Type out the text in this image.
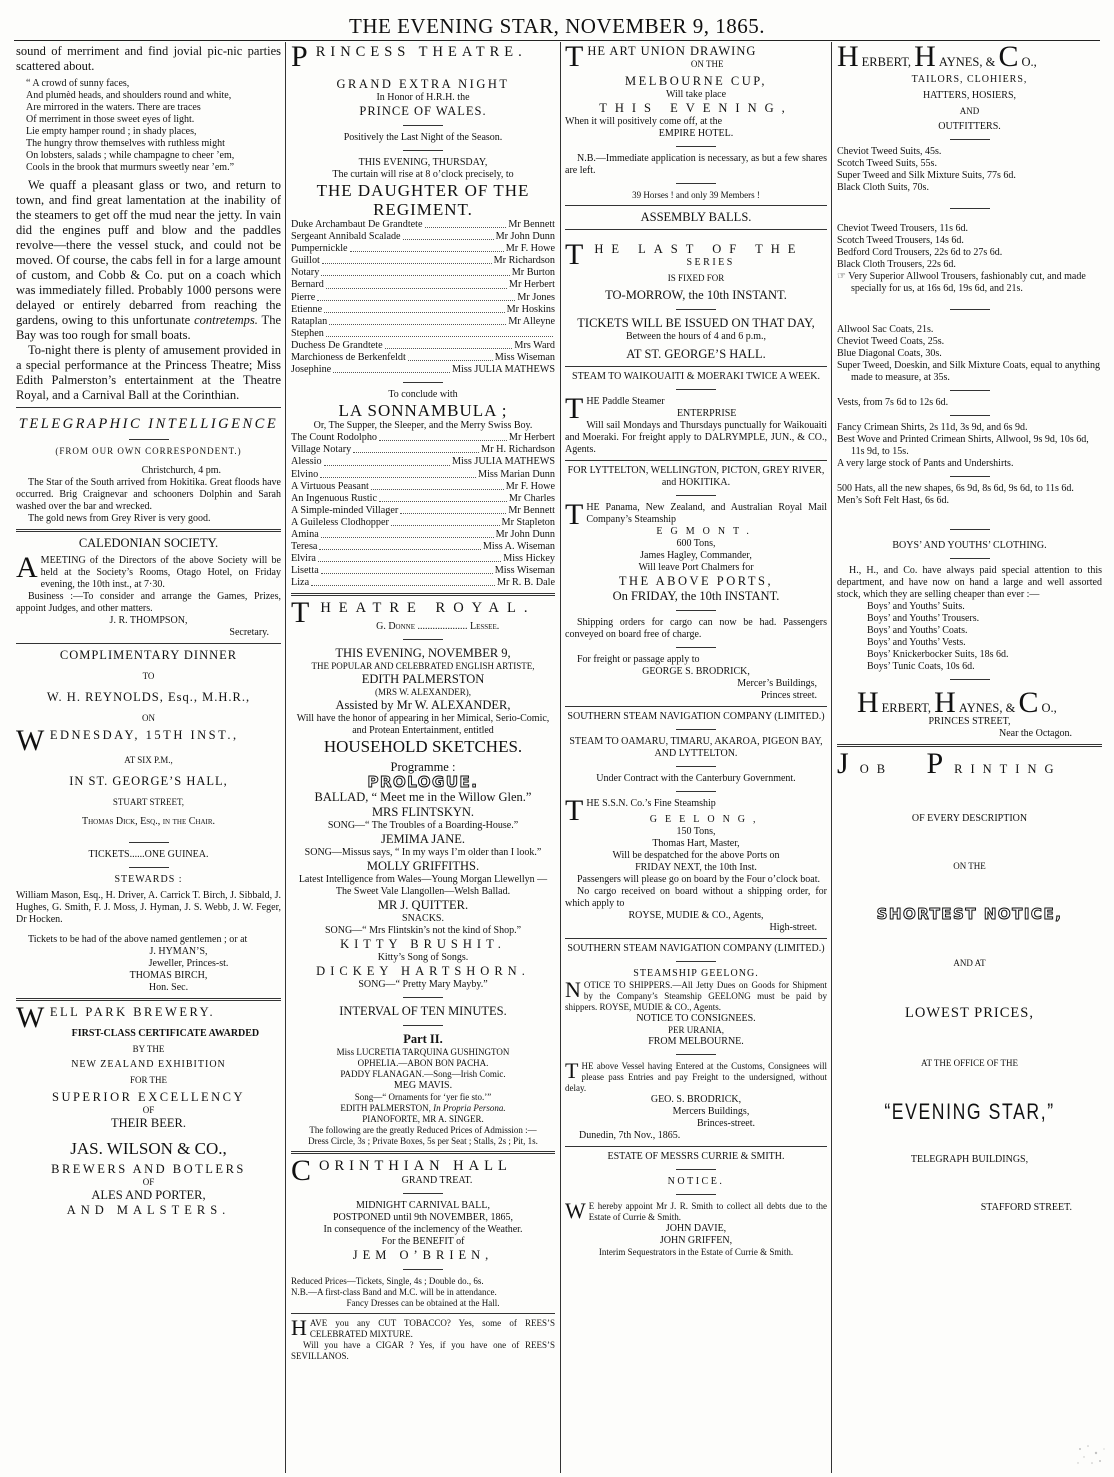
THE EVENING STAR, NOVEMBER 9, 1865.

sound of merriment and find jovial pic-nic parties scattered about.

“ A crowd of sunny faces,

And plumèd heads, and shoulders round and white,

Are mirrored in the waters. There are traces

Of merriment in those sweet eyes of light.

Lie empty hamper round ; in shady places,

The hungry throw themselves with ruthless might

On lobsters, salads ; while champagne to cheer ’em,

Cools in the brook that murmurs sweetly near ’em.”

We quaff a pleasant glass or two, and return to town, and find great lamentation at the inability of the steamers to get off the mud near the jetty. In vain did the engines puff and blow and the paddles revolve—there the vessel stuck, and could not be moved. Of course, the cabs fell in for a large amount of custom, and Cobb & Co. put on a coach which was immediately filled. Probably 1000 persons were delayed or entirely debarred from reaching the gardens, owing to this unfortunate contretemps. The Bay was too rough for small boats.

To-night there is plenty of amusement provided in a special performance at the Princess Theatre; Miss Edith Palmerston’s entertainment at the Theatre Royal, and a Carnival Ball at the Corinthian.

TELEGRAPHIC INTELLIGENCE

(FROM OUR OWN CORRESPONDENT.)

Christchurch, 4 pm.

The Star of the South arrived from Hokitika. Great floods have occurred. Brig Craignevar and schooners Dolphin and Sarah washed over the bar and wrecked.

The gold news from Grey River is very good.

CALEDONIAN SOCIETY.

AMEETING of the Directors of the above Society will be held at the Society’s Rooms, Otago Hotel, on Friday evening, the 10th inst., at 7·30.

Business :—To consider and arrange the Games, Prizes, appoint Judges, and other matters.

J. R. THOMPSON,

Secretary.

COMPLIMENTARY DINNER

TO

W. H. REYNOLDS, Esq., M.H.R.,

ON

WEDNESDAY, 15TH INST.,

AT SIX P.M.,

IN ST. GEORGE’S HALL,

STUART STREET,

Thomas Dick, Esq., in the Chair.

TICKETS......ONE GUINEA.

STEWARDS :

William Mason, Esq., H. Driver, A. Carrick T. Birch, J. Sibbald, J. Hughes, G. Smith, F. J. Moss, J. Hyman, J. S. Webb, J. W. Feger, Dr Hocken.

Tickets to be had of the above named gentlemen ; or at

J. HYMAN’S,

Jeweller, Princes-st.

THOMAS BIRCH,

Hon. Sec.

WELL PARK BREWERY.

FIRST-CLASS CERTIFICATE AWARDED

BY THE

NEW ZEALAND EXHIBITION

FOR THE

SUPERIOR EXCELLENCY

OF

THEIR BEER.

JAS. WILSON & CO.,

BREWERS AND BOTLERS

OF

ALES AND PORTER,

AND MALSTERS.

PRINCESS THEATRE.

GRAND EXTRA NIGHT

In Honor of H.R.H. the

PRINCE OF WALES.

Positively the Last Night of the Season.

THIS EVENING, THURSDAY,

The curtain will rise at 8 o’clock precisely, to

THE DAUGHTER OF THE REGIMENT.

Duke Archambaut De Grandtete	Mr Bennett
Sergeant Annibald Scalade	Mr John Dunn
Pumpernickle	Mr F. Howe
Guillot	Mr Richardson
Notary	Mr Burton
Bernard	Mr Herbert
Pierre	Mr Jones
Etienne	Mr Hoskins
Rataplan	Mr Alleyne
Stephen
Duchess De Grandtete	Mrs Ward
Marchioness de Berkenfeldt	Miss Wiseman
Josephine	Miss JULIA MATHEWS

To conclude with

LA SONNAMBULA ;

Or, The Supper, the Sleeper, and the Merry Swiss Boy.

The Count Rodolpho	Mr Herbert
Village Notary	Mr H. Richardson
Alessio	Miss JULIA MATHEWS
Elvino	Miss Marian Dunn
A Virtuous Peasant	Mr F. Howe
An Ingenuous Rustic	Mr Charles
A Simple-minded Villager	Mr Bennett
A Guileless Clodhopper	Mr Stapleton
Amina	Mr John Dunn
Teresa	Miss A. Wiseman
Elvira	Miss Hickey
Lisetta	Miss Wiseman
Liza	Mr R. B. Dale

THEATRE ROYAL.

G. Donne .................... Lessee.

THIS EVENING, NOVEMBER 9,

THE POPULAR AND CELEBRATED ENGLISH ARTISTE,

EDITH PALMERSTON

(MRS W. ALEXANDER),

Assisted by Mr W. ALEXANDER,

Will have the honor of appearing in her Mimical, Serio-Comic, and Protean Entertainment, entitled

HOUSEHOLD SKETCHES.

Programme :

PROLOGUE.

BALLAD, “ Meet me in the Willow Glen.”

MRS FLINTSKYN.

SONG—“ The Troubles of a Boarding-House.”

JEMIMA JANE.

SONG—Missus says, “ In my ways I’m older than I look.”

MOLLY GRIFFITHS.

Latest Intelligence from Wales—Young Morgan Llewellyn — The Sweet Vale Llangollen—Welsh Ballad.

MR J. QUITTER.

SNACKS.

SONG—“ Mrs Flintskin’s not the kind of Shop.”

KITTY BRUSHIT.

Kitty’s Song of Songs.

DICKEY HARTSHORN.

SONG—“ Pretty Mary Mayby.”

INTERVAL OF TEN MINUTES.

Part II.

Miss LUCRETIA TARQUINA GUSHINGTON

OPHELIA.—ABON BON PACHA.

PADDY FLANAGAN.—Song—Irish Comic.

MEG MAVIS.

Song—“ Ornaments for ‘yer fie sto.’”

EDITH PALMERSTON, In Propria Persona.

PIANOFORTE, MR A. SINGER.

The following are the greatly Reduced Prices of Admission :—

Dress Circle, 3s ; Private Boxes, 5s per Seat ; Stalls, 2s ; Pit, 1s.

CORINTHIAN HALL

GRAND TREAT.

MIDNIGHT CARNIVAL BALL,

POSTPONED until 9th NOVEMBER, 1865,

In consequence of the inclemency of the Weather.

For the BENEFIT of

JEM O’BRIEN,

Reduced Prices—Tickets, Single, 4s ; Double do., 6s.

N.B.—A first-class Band and M.C. will be in attendance.

Fancy Dresses can be obtained at the Hall.

HAVE you any CUT TOBACCO? Yes, some of REES’S CELEBRATED MIXTURE.

Will you have a CIGAR ? Yes, if you have one of REES’S SEVILLANOS.

THE ART UNION DRAWING

ON THE

MELBOURNE CUP,

Will take place

THIS EVENING,

When it will positively come off, at the

EMPIRE HOTEL.

N.B.—Immediate application is necessary, as but a few shares are left.

39 Horses ! and only 39 Members !

ASSEMBLY BALLS.

THE LAST OF THE

SERIES

IS FIXED FOR

TO-MORROW, the 10th INSTANT.

TICKETS WILL BE ISSUED ON THAT DAY,

Between the hours of 4 and 6 p.m.,

AT ST. GEORGE’S HALL.

STEAM TO WAIKOUAITI & MOERAKI TWICE A WEEK.

THE Paddle Steamer

ENTERPRISE

Will sail Mondays and Thursdays punctually for Waikouaiti and Moeraki. For freight apply to DALRYMPLE, JUN., & CO., Agents.

FOR LYTTELTON, WELLINGTON, PICTON, GREY RIVER, and HOKITIKA.

THE Panama, New Zealand, and Australian Royal Mail Company’s Steamship

EGMONT.

600 Tons,

James Hagley, Commander,

Will leave Port Chalmers for

THE ABOVE PORTS,

On FRIDAY, the 10th INSTANT.

Shipping orders for cargo can now be had. Passengers conveyed on board free of charge.

For freight or passage apply to

GEORGE S. BRODRICK,

Mercer’s Buildings,

Princes street.

SOUTHERN STEAM NAVIGATION COMPANY (LIMITED.)

STEAM TO OAMARU, TIMARU, AKAROA, PIGEON BAY, AND LYTTELTON.

Under Contract with the Canterbury Government.

THE S.S.N. Co.’s Fine Steamship

GEELONG,

150 Tons,

Thomas Hart, Master,

Will be despatched for the above Ports on

FRIDAY NEXT, the 10th Inst.

Passengers will please go on board by the Four o’clock boat.

No cargo received on board without a shipping order, for which apply to

ROYSE, MUDIE & CO., Agents,

High-street.

SOUTHERN STEAM NAVIGATION COMPANY (LIMITED.)

STEAMSHIP GEELONG.

NOTICE TO SHIPPERS.—All Jetty Dues on Goods for Shipment by the Company’s Steamship GEELONG must be paid by shippers. ROYSE, MUDIE & CO., Agents.

NOTICE TO CONSIGNEES.

PER URANIA,

FROM MELBOURNE.

THE above Vessel having Entered at the Customs, Consignees will please pass Entries and pay Freight to the undersigned, without delay.

GEO. S. BRODRICK,

Mercers Buildings,

Brinces-street.

Dunedin, 7th Nov., 1865.

ESTATE OF MESSRS CURRIE & SMITH.

NOTICE.

W E hereby appoint Mr J. R. Smith to collect all debts due to the Estate of Currie & Smith.

JOHN DAVIE,

JOHN GRIFFEN,

Interim Sequestrators in the Estate of Currie & Smith.

HERBERT, H AYNES, & C O.,

TAILORS, CLOHIERS,

HATTERS, HOSIERS,

AND

OUTFITTERS.

Cheviot Tweed Suits, 45s.

Scotch Tweed Suits, 55s.

Super Tweed and Silk Mixture Suits, 77s 6d.

Black Cloth Suits, 70s.

Cheviot Tweed Trousers, 11s 6d.

Scotch Tweed Trousers, 14s 6d.

Bedford Cord Trousers, 22s 6d to 27s 6d.

Black Cloth Trousers, 22s 6d.

☞ Very Superior Allwool Trousers, fashionably cut, and made specially for us, at 16s 6d, 19s 6d, and 21s.

Allwool Sac Coats, 21s.

Cheviot Tweed Coats, 25s.

Blue Diagonal Coats, 30s.

Super Tweed, Doeskin, and Silk Mixture Coats, equal to anything made to measure, at 35s.

Vests, from 7s 6d to 12s 6d.

Fancy Crimean Shirts, 2s 11d, 3s 9d, and 6s 9d.

Best Wove and Printed Crimean Shirts, Allwool, 9s 9d, 10s 6d, 11s 9d, to 15s.

A very large stock of Pants and Undershirts.

500 Hats, all the new shapes, 6s 9d, 8s 6d, 9s 6d, to 11s 6d.

Men’s Soft Felt Hast, 6s 6d.

BOYS’ AND YOUTHS’ CLOTHING.

H., H., and Co. have always paid special attention to this department, and have now on hand a large and well assorted stock, which they are selling cheaper than ever :—

Boys’ and Youths’ Suits.

Boys’ and Youths’ Trousers.

Boys’ and Youths’ Coats.

Boys’ and Youths’ Vests.

Boys’ Knickerbocker Suits, 18s 6d.

Boys’ Tunic Coats, 10s 6d.

HERBERT, H AYNES, & C O.,

PRINCES STREET,

Near the Octagon.

JOB P RINTING

OF EVERY DESCRIPTION

ON THE

SHORTEST NOTICE,

AND AT

LOWEST PRICES,

AT THE OFFICE OF THE

“EVENING STAR,”

TELEGRAPH BUILDINGS,

STAFFORD STREET.
